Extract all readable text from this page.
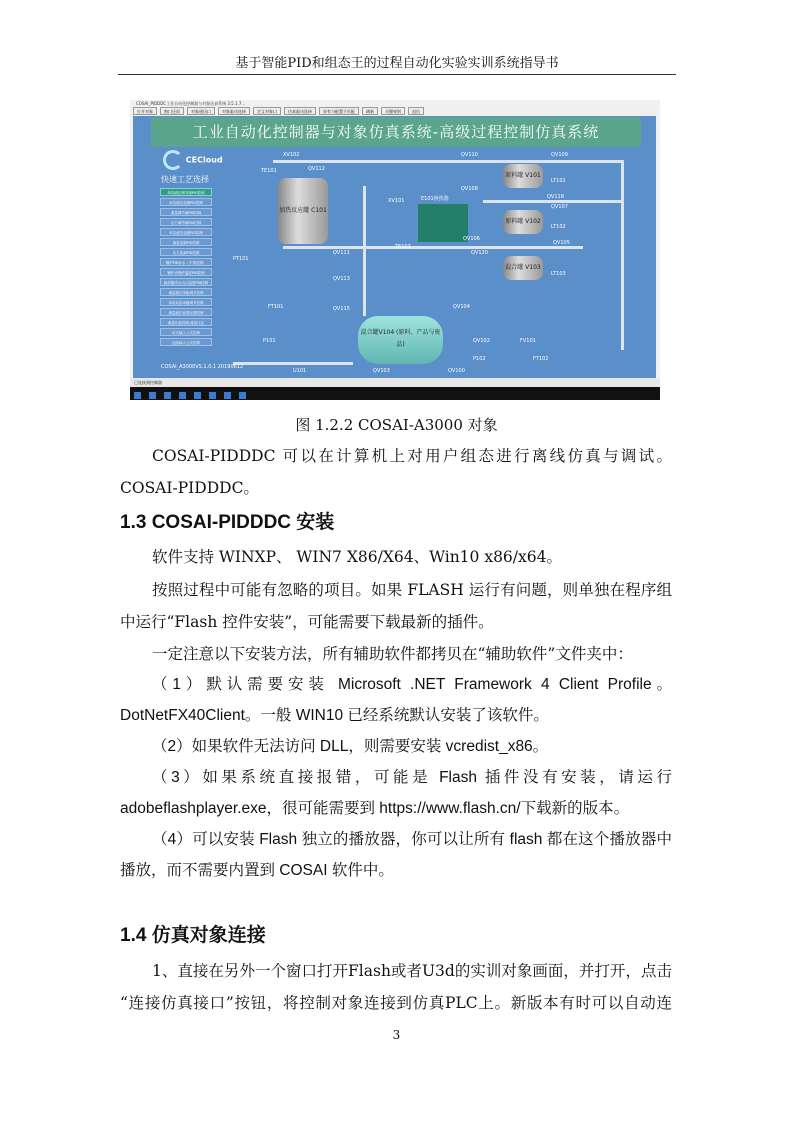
基于智能PID和组态王的过程自动化实验实训系统指导书
COSAI_PIDDDC工业自动化控制器与对象仿真系统 3.5.1.7...
打开对象	窗口还原	对象通讯口	对象驱动选择	定义对象口	仿真驱动选择	原有与配置不匹配	刷新	关键规则	退出
工业自动化控制器与对象仿真系统-高级过程控制仿真系统
CECloud
快速工艺选择
单容液位调节阀PID控制
单容液位变频PID控制
流量调节阀PID控制
压力调节阀PID控制
单容液位变频PID控制
流量变频PID控制
压力变频PID控制
锅炉PID补水（不蒸控制）
锅炉水锅炉温度PID控制
换热器冷水出口温度PID控制
流量液位串级调节控制
单容双容串级调节控制
流量液位前馈反馈控制
流量比值控制-流量比定
仿式输入公式控制
连续输入公式控制
加热反应罐 C101
原料罐 V101
原料罐 V102
混合罐 V103
混合罐V104 (原料、产品与废品)
E101换热器
XV102
QV112
TE101
QV110	QV109
LT101
QV118
QV108
QV107
LT102
XV101
TE103
QV106
QV105
LT103
QV111	QV120
PT101
QV113
QV115	QV104
FT101
P101
U101
QV102
P102
FV101
FT102
QV103	QV100
COSAI_A3000VS.1.0.1 20190612
已连接到控制器
图 1.2.2 COSAI-A3000 对象
COSAI-PIDDDC 可以在计算机上对用户组态进行离线仿真与调试。
COSAI-PIDDDC。
1.3 COSAI-PIDDDC 安装
软件支持 WINXP、 WIN7 X86/X64、Win10 x86/x64。
按照过程中可能有忽略的项目。如果 FLASH 运行有问题，则单独在程序组
中运行“Flash 控件安装”，可能需要下载最新的插件。
一定注意以下安装方法，所有辅助软件都拷贝在“辅助软件”文件夹中：
（1）默认需要安装 Microsoft .NET Framework 4 Client Profile。
DotNetFX40Client。一般 WIN10 已经系统默认安装了该软件。
（2）如果软件无法访问 DLL，则需要安装 vcredist_x86。
（3）如果系统直接报错，可能是 Flash 插件没有安装，请运行
adobeflashplayer.exe，很可能需要到 https://www.flash.cn/下载新的版本。
（4）可以安装 Flash 独立的播放器，你可以让所有 flash 都在这个播放器中
播放，而不需要内置到 COSAI 软件中。
1.4 仿真对象连接
1、直接在另外一个窗口打开Flash或者U3d的实训对象画面，并打开，点击
“连接仿真接口”按钮，将控制对象连接到仿真PLC上。新版本有时可以自动连
3
